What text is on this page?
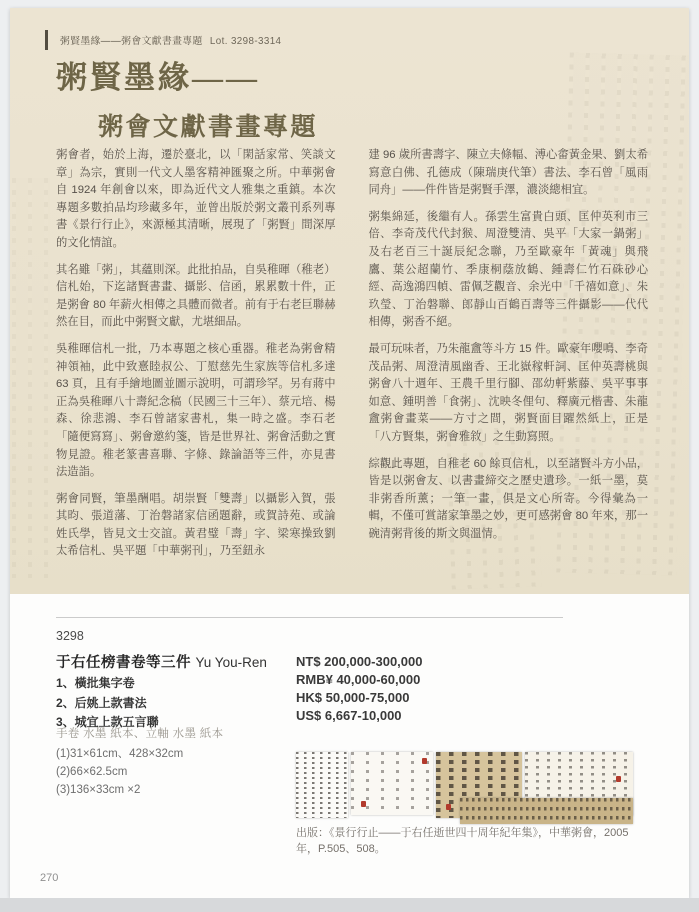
粥賢墨緣——粥會文獻書畫專題 Lot. 3298-3314
粥賢墨緣——
粥會文獻書畫專題

粥會者，始於上海，遷於臺北，以「閑話家常、笑談文章」為宗，實則一代文人墨客精神匯聚之所。中華粥會自 1924 年創會以來，即為近代文人雅集之重鎮。本次專題多數拍品均珍藏多年，並曾出版於粥文叢刊系列專書《景行行止》，來源極其清晰，展現了「粥賢」間深厚的文化情誼。

其名雖「粥」，其蘊則深。此批拍品，自吳稚暉（稚老）信札始，下迄諸賢書畫、攝影、信函，累累數十件，正是粥會 80 年薪火相傳之具體而微者。前有于右老巨聯赫然在目，而此中粥賢文獻，尤堪細品。

吳稚暉信札一批，乃本專題之核心重器。稚老為粥會精神領袖，此中致憙睦叔公、丁慰慈先生家族等信札多達 63 頁，且有手繪地圖並圖示說明，可謂珍罕。另有蔣中正為吳稚暉八十壽紀念稿（民國三十三年）、蔡元培、楊森、徐悲鴻、李石曾諸家書札，集一時之盛。李石老「隨便寫寫」、粥會邀約箋，皆是世界社、粥會活動之實物見證。稚老篆書喜聯、字條、錄論語等三件，亦見書法造詣。

粥會同賢，筆墨酬唱。胡崇賢「雙壽」以攝影入賀，張其昀、張道藩、丁治磐諸家信函題辭，或賀詩苑、或論姓氏學，皆見文士交誼。黃君璧「壽」字、梁寒操致劉太希信札、吳平題「中華粥刊」，乃至鈕永

建 96 歲所書壽字、陳立夫條幅、溥心畬黃金果、劉太希寫意白佛、孔德成（陳瑞庚代筆）書法、李石曾「風雨同舟」——件件皆是粥賢手澤，濃淡總相宜。

粥集綿延，後繼有人。孫雲生富貴白頭、匡仲英利市三倍、李奇茂代代封猴、周澄雙清、吳平「大家一鍋粥」及右老百三十誕辰紀念聯，乃至歐豪年「黃魂」與飛鷹、葉公超蘭竹、季康桐蔭放鶴、鍾壽仁竹石硃砂心經、高逸鴻四幀、雷佩芝觀音、余光中「千禧如意」、朱玖瑩、丁治磐聯、郎靜山百鶴百壽等三件攝影——代代相傳，粥香不絕。

最可玩味者，乃朱龍盦等斗方 15 件。歐豪年嚶鳴、李奇茂品粥、周澄清風幽香、王北嶽稼軒詞、匡仲英壽桃與粥會八十週年、王農千里行腳、邵幼軒紫藤、吳平事事如意、鍾明善「食粥」、沈映冬俚句、釋廣元楷書、朱龍盦粥會畫菜——方寸之間，粥賢面目躍然紙上，正是「八方賢集，粥會雅敘」之生動寫照。

綜觀此專題，自稚老 60 餘頁信札，以至諸賢斗方小品，皆是以粥會友、以書畫締交之歷史遺珍。一紙一墨，莫非粥香所薰；一筆一畫，俱是文心所寄。今得彙為一輯，不僅可賞諸家筆墨之妙，更可感粥會 80 年來，那一碗清粥背後的斯文與溫情。

3298
于右任榜書卷等三件 Yu You-Ren
1、橫批集字卷
2、后姚上款書法
3、城宜上款五言聯
手卷 水墨 紙本、立軸 水墨 紙本
(1)31×61cm、428×32cm
(2)66×62.5cm
(3)136×33cm ×2
NT$ 200,000-300,000
RMB¥ 40,000-60,000
HK$ 50,000-75,000
US$ 6,667-10,000
出版：《景行行止——于右任逝世四十周年紀年集》，中華粥會，2005 年，P.505、508。
270
